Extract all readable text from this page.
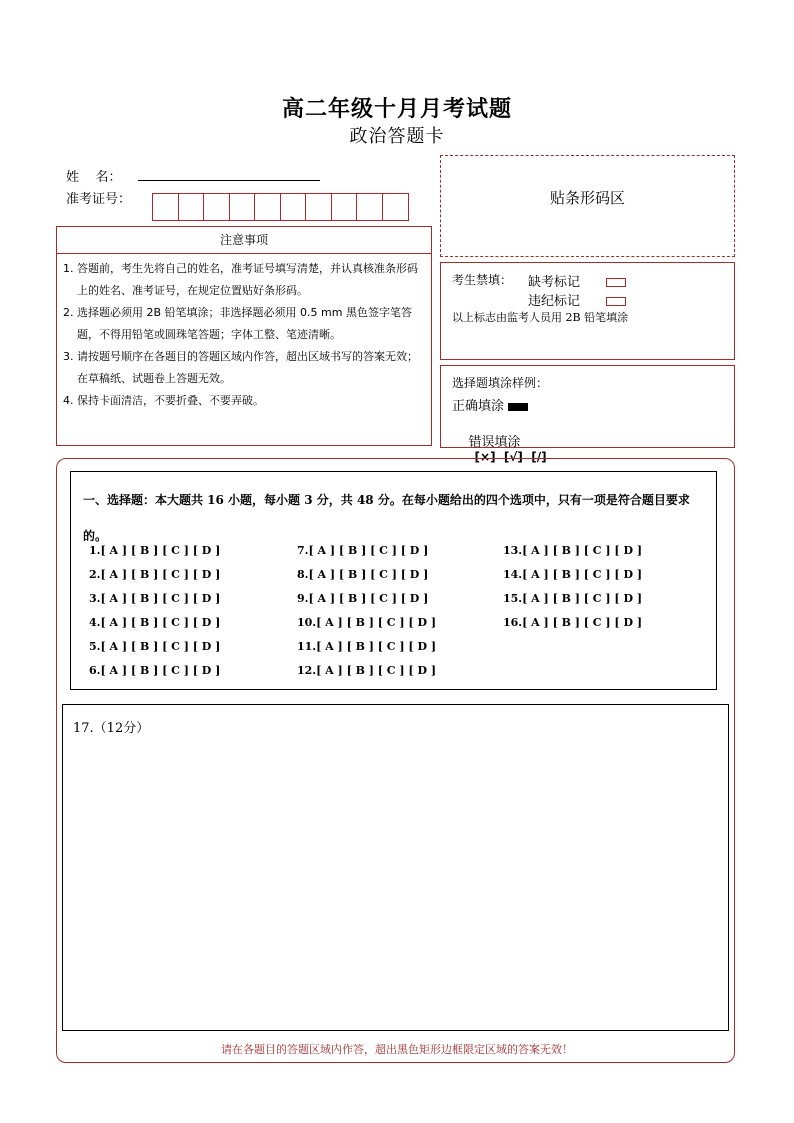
高二年级十月月考试题
政治答题卡
姓    名：
准考证号：	贴条形码区
注意事项
1. 答题前，考生先将自己的姓名，准考证号填写清楚，并认真核准条形码上的姓名、准考证号，在规定位置贴好条形码。
2. 选择题必须用 2B 铅笔填涂；非选择题必须用 0.5 mm 黑色签字笔答题，不得用铅笔或圆珠笔答题；字体工整、笔迹清晰。
3. 请按题号顺序在各题目的答题区域内作答，超出区域书写的答案无效；在草稿纸、试题卷上答题无效。
4. 保持卡面清洁，不要折叠、不要弄破。
考生禁填： 缺考标记
违纪标记
以上标志由监考人员用 2B 铅笔填涂
选择题填涂样例：
正确填涂

错误填涂
[×]  [√]  [/]

一、选择题：本大题共 16 小题，每小题 3 分，共 48 分。在每小题给出的四个选项中，只有一项是符合题目要求的。
1.[ A ] [ B ] [ C ] [ D ]
2.[ A ] [ B ] [ C ] [ D ]
3.[ A ] [ B ] [ C ] [ D ]
4.[ A ] [ B ] [ C ] [ D ]
5.[ A ] [ B ] [ C ] [ D ]
6.[ A ] [ B ] [ C ] [ D ]
7.[ A ] [ B ] [ C ] [ D ]
8.[ A ] [ B ] [ C ] [ D ]
9.[ A ] [ B ] [ C ] [ D ]
10.[ A ] [ B ] [ C ] [ D ]
11.[ A ] [ B ] [ C ] [ D ]
12.[ A ] [ B ] [ C ] [ D ]
13.[ A ] [ B ] [ C ] [ D ]
14.[ A ] [ B ] [ C ] [ D ]
15.[ A ] [ B ] [ C ] [ D ]
16.[ A ] [ B ] [ C ] [ D ]
17.（12分）
请在各题目的答题区域内作答，超出黑色矩形边框限定区域的答案无效！
